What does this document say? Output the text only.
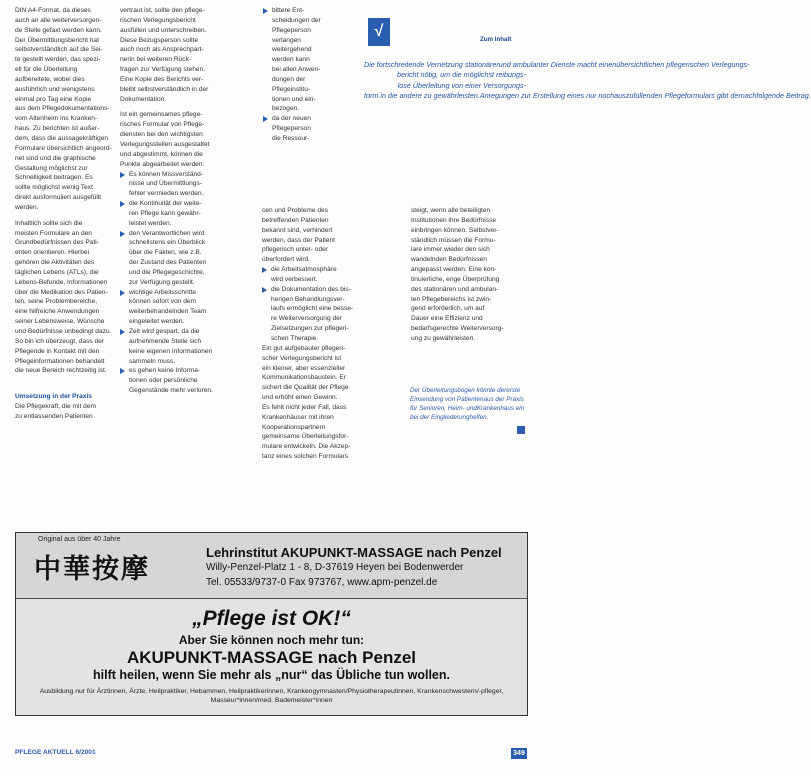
DIN A4-Format, da dieses
auch an alle weiterversorgen-
de Stelle gefaxt werden kann.
Der Übermittlungsbericht hat
selbstverständlich auf die Sei-
te gestellt werden, das spezi-
ell für die Überleitung
aufbereitete, wobei dies
ausführlich und wenigstens
einmal pro Tag eine Kopie
aus dem Pflegedokumentations-
vom Altenheim ins Kranken-
haus. Zu berichten ist außer-
dem, dass die aussagekräftigen
Formulare übersichtlich angeord-
net sind und die graphische
Gestaltung möglichst zur
Schnelligkeit beitragen. Es
sollte möglichst wenig Text
direkt ausformuliert ausgefüllt
werden.
Inhaltlich sollte sich die
meisten Formulare an den
Grundbedürfnissen des Pati-
enten orientieren. Hierbei
gehören die Aktivitäten des
täglichen Lebens (ATLs), die
Lebens-Befunde, Informationen
über die Medikation des Patien-
ten, seine Problembereiche,
eine hilfreiche Anwendungen
seiner Lebensweise, Wünsche
und Bedürfnisse unbedingt dazu.
So bin ich überzeugt, dass der
Pflegende in Kontakt mit den
Pflegeinformationen behandelt
die neue Bereich rechtzeitig ist.
Umsetzung in der Praxis
Die Pflegekraft, die mit dem
zu entlassenden Patienten
vertraut ist, sollte den pflege-
rischen Verlegungsbericht
ausfüllen und unterschreiben.
Diese Bezugsperson sollte
auch noch als Ansprechpart-
nerin bei weiteren Rück-
fragen zur Verfügung stehen.
Eine Kopie des Berichts ver-
bleibt selbstverständlich in der
Dokumentation.
Ist ein gemeinsames pflege-
risches Formular von Pflege-
diensten bei den wichtigsten
Verlegungsstellen ausgestaltet
und abgestimmt, können die
Punkte abgearbeitet werden:
Es können Missverständ-
nisse und Übermittlungs-
fehler vermieden werden.
die Kontinuität der weite-
ren Pflege kann gewähr-
leistet werden.
den Verantwortlichen wird
schnellstens ein Überblick
über die Fakten, wie z.B.
der Zustand des Patienten
und die Pflegegeschichte,
zur Verfügung gestellt.
wichtige Arbeitsschritte
können sofort von dem
weiterbehandelnden Team
eingeleitet werden.
Zeit wird gespart, da die
aufnehmende Stelle sich
keine eigenen Informationen
sammeln muss.
es gehen keine Informa-
tionen oder persönliche
Gegenstände mehr verloren.
bittere Ent-
scheidungen der
Pflegeperson
verlangen
weitergehend
werden kann
bei allen Anwen-
dungen der
Pflegeinstitu-
tionen und ein-
bezogen.
da der neuen
Pflegeperson
die Ressour-
cen und Probleme des
betreffenden Patienten
bekannt sind, verhindert
werden, dass der Patient
pflegerisch unter- oder
überfordert wird.
die Arbeitsatmosphäre
wird verbessert.
die Dokumentation des bis-
herigen Behandlungsver-
laufs ermöglicht eine besse-
re Weiterversorgung der
Zielsetzungen zur pflegeri-
schen Therapie.
Ein gut aufgebauter pflegeri-
scher Verlegungsbericht ist
ein kleiner, aber essenzieller
Kommunikationsbaustein. Er
sichert die Qualität der Pflege
und erhöht einen Gewinn.
Es fehlt nicht jeder Fall, dass
Krankenhäuser mit ihren
Kooperationspartnern
gemeinsame Überleitungsfor-
mulare entwickeln. Die Akzep-
tanz eines solchen Formulars
√	Zum Inhalt
Die fortschreitende Vernetzung stationärerund ambulanter Dienste macht einenübersichtlichen pflegerischen Verlegungs-bericht nötig, um die möglichst reibungs-lose Überleitung von einer Versorgungs-form in die andere zu gewährleisten.Anregungen zur Erstellung eines nur nochauszufüllenden Pflegeformulars gibt dernachfolgende Beitrag.
steigt, wenn alle beteiligten
Institutionen ihre Bedürfnisse
einbringen können. Selbstver-
ständlich müssen die Formu-
lare immer wieder den sich
wandelnden Bedürfnissen
angepasst werden. Eine kon-
tinuierliche, enge Überprüfung
des stationären und ambulan-
ten Pflegebereichs ist zwin-
gend erforderlich, um auf
Dauer eine Effizienz und
bedarfsgerechte Weiterversorg-
ung zu gewährleisten.
Der Überleitungsbogen könnte dererste Einsendung von Patientenaus der Praxis für Senioren, Heim- undKrankenhaus ein bei der Eingliederunghelfen.
Original aus über 40 Jahre
中華按摩
Lehrinstitut AKUPUNKT-MASSAGE nach Penzel
Willy-Penzel-Platz 1 - 8, D-37619 Heyen bei Bodenwerder
Tel. 05533/9737-0 Fax 973767, www.apm-penzel.de
„Pflege ist OK!“
Aber Sie können noch mehr tun:
AKUPUNKT-MASSAGE nach Penzel
hilft heilen, wenn Sie mehr als „nur“ das Übliche tun wollen.
Ausbildung nur für Ärztinnen, Ärzte, Heilpraktiker, Hebammen, Heilpraktikerinnen, Krankengymnasten/Physiotherapeutinnen, Krankenschwestern/-pfleger, Masseur*innen/med. Bademeister*innen
PFLEGE AKTUELL 6/2001	349
